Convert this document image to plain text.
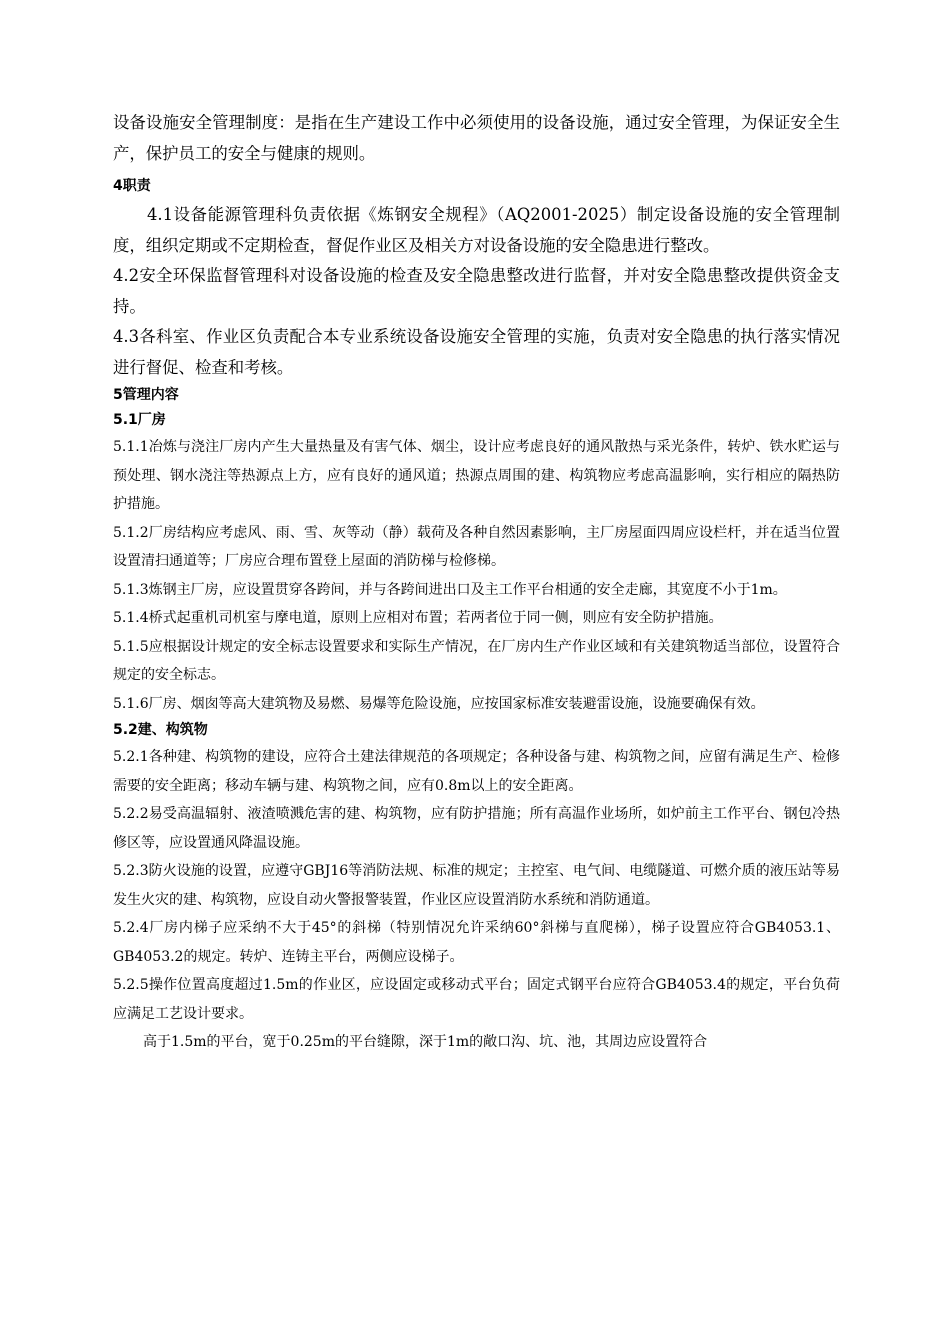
设备设施安全管理制度：是指在生产建设工作中必须使用的设备设施，通过安全管理，为保证安全生产，保护员工的安全与健康的规则。

4职责

4.1设备能源管理科负责依据《炼钢安全规程》（AQ2001-2025）制定设备设施的安全管理制度，组织定期或不定期检查，督促作业区及相关方对设备设施的安全隐患进行整改。

4.2安全环保监督管理科对设备设施的检查及安全隐患整改进行监督，并对安全隐患整改提供资金支持。

4.3各科室、作业区负责配合本专业系统设备设施安全管理的实施，负责对安全隐患的执行落实情况进行督促、检查和考核。

5管理内容

5.1厂房

5.1.1冶炼与浇注厂房内产生大量热量及有害气体、烟尘，设计应考虑良好的通风散热与采光条件，转炉、铁水贮运与预处理、钢水浇注等热源点上方，应有良好的通风道；热源点周围的建、构筑物应考虑高温影响，实行相应的隔热防护措施。

5.1.2厂房结构应考虑风、雨、雪、灰等动（静）载荷及各种自然因素影响，主厂房屋面四周应设栏杆，并在适当位置设置清扫通道等；厂房应合理布置登上屋面的消防梯与检修梯。

5.1.3炼钢主厂房，应设置贯穿各跨间，并与各跨间进出口及主工作平台相通的安全走廊，其宽度不小于1m。

5.1.4桥式起重机司机室与摩电道，原则上应相对布置；若两者位于同一侧，则应有安全防护措施。

5.1.5应根据设计规定的安全标志设置要求和实际生产情况，在厂房内生产作业区域和有关建筑物适当部位，设置符合规定的安全标志。

5.1.6厂房、烟囱等高大建筑物及易燃、易爆等危险设施，应按国家标准安装避雷设施，设施要确保有效。

5.2建、构筑物

5.2.1各种建、构筑物的建设，应符合土建法律规范的各项规定；各种设备与建、构筑物之间，应留有满足生产、检修需要的安全距离；移动车辆与建、构筑物之间，应有0.8m以上的安全距离。

5.2.2易受高温辐射、液渣喷溅危害的建、构筑物，应有防护措施；所有高温作业场所，如炉前主工作平台、钢包冷热修区等，应设置通风降温设施。

5.2.3防火设施的设置，应遵守GBJ16等消防法规、标准的规定；主控室、电气间、电缆隧道、可燃介质的液压站等易发生火灾的建、构筑物，应设自动火警报警装置，作业区应设置消防水系统和消防通道。

5.2.4厂房内梯子应采纳不大于45°的斜梯（特别情况允许采纳60°斜梯与直爬梯），梯子设置应符合GB4053.1、GB4053.2的规定。转炉、连铸主平台，两侧应设梯子。

5.2.5操作位置高度超过1.5m的作业区，应设固定或移动式平台；固定式钢平台应符合GB4053.4的规定，平台负荷应满足工艺设计要求。

高于1.5m的平台，宽于0.25m的平台缝隙，深于1m的敞口沟、坑、池，其周边应设置符合
